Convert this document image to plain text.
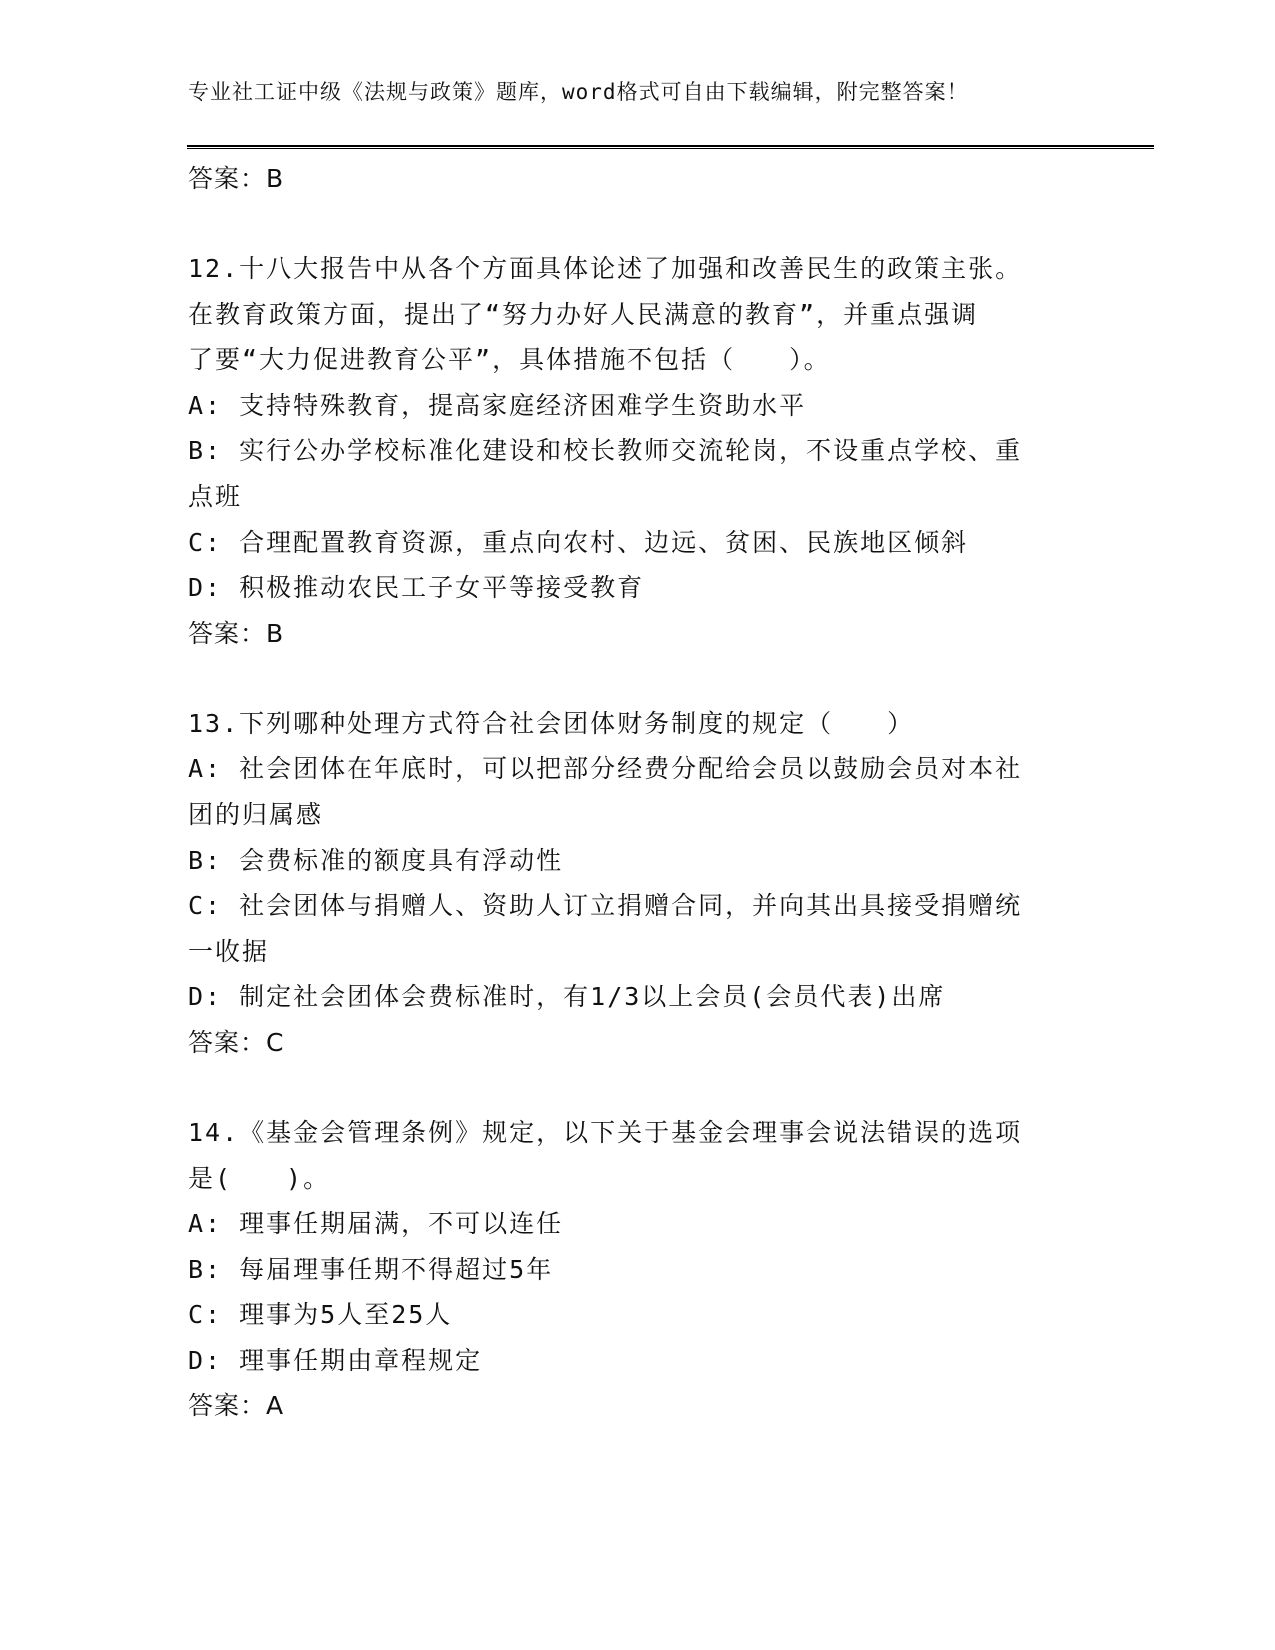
专业社工证中级《法规与政策》题库，word格式可自由下载编辑，附完整答案！
答案：B
12.十八大报告中从各个方面具体论述了加强和改善民生的政策主张。
在教育政策方面，提出了“努力办好人民满意的教育”，并重点强调
了要“大力促进教育公平”，具体措施不包括（　　）。
A: 支持特殊教育，提高家庭经济困难学生资助水平
B: 实行公办学校标准化建设和校长教师交流轮岗，不设重点学校、重
点班
C: 合理配置教育资源，重点向农村、边远、贫困、民族地区倾斜
D: 积极推动农民工子女平等接受教育
答案：B
13.下列哪种处理方式符合社会团体财务制度的规定（　　）
A: 社会团体在年底时，可以把部分经费分配给会员以鼓励会员对本社
团的归属感
B: 会费标准的额度具有浮动性
C: 社会团体与捐赠人、资助人订立捐赠合同，并向其出具接受捐赠统
一收据
D: 制定社会团体会费标准时，有1/3以上会员(会员代表)出席
答案：C
14.《基金会管理条例》规定，以下关于基金会理事会说法错误的选项
是(　　)。
A: 理事任期届满，不可以连任
B: 每届理事任期不得超过5年
C: 理事为5人至25人
D: 理事任期由章程规定
答案：A
